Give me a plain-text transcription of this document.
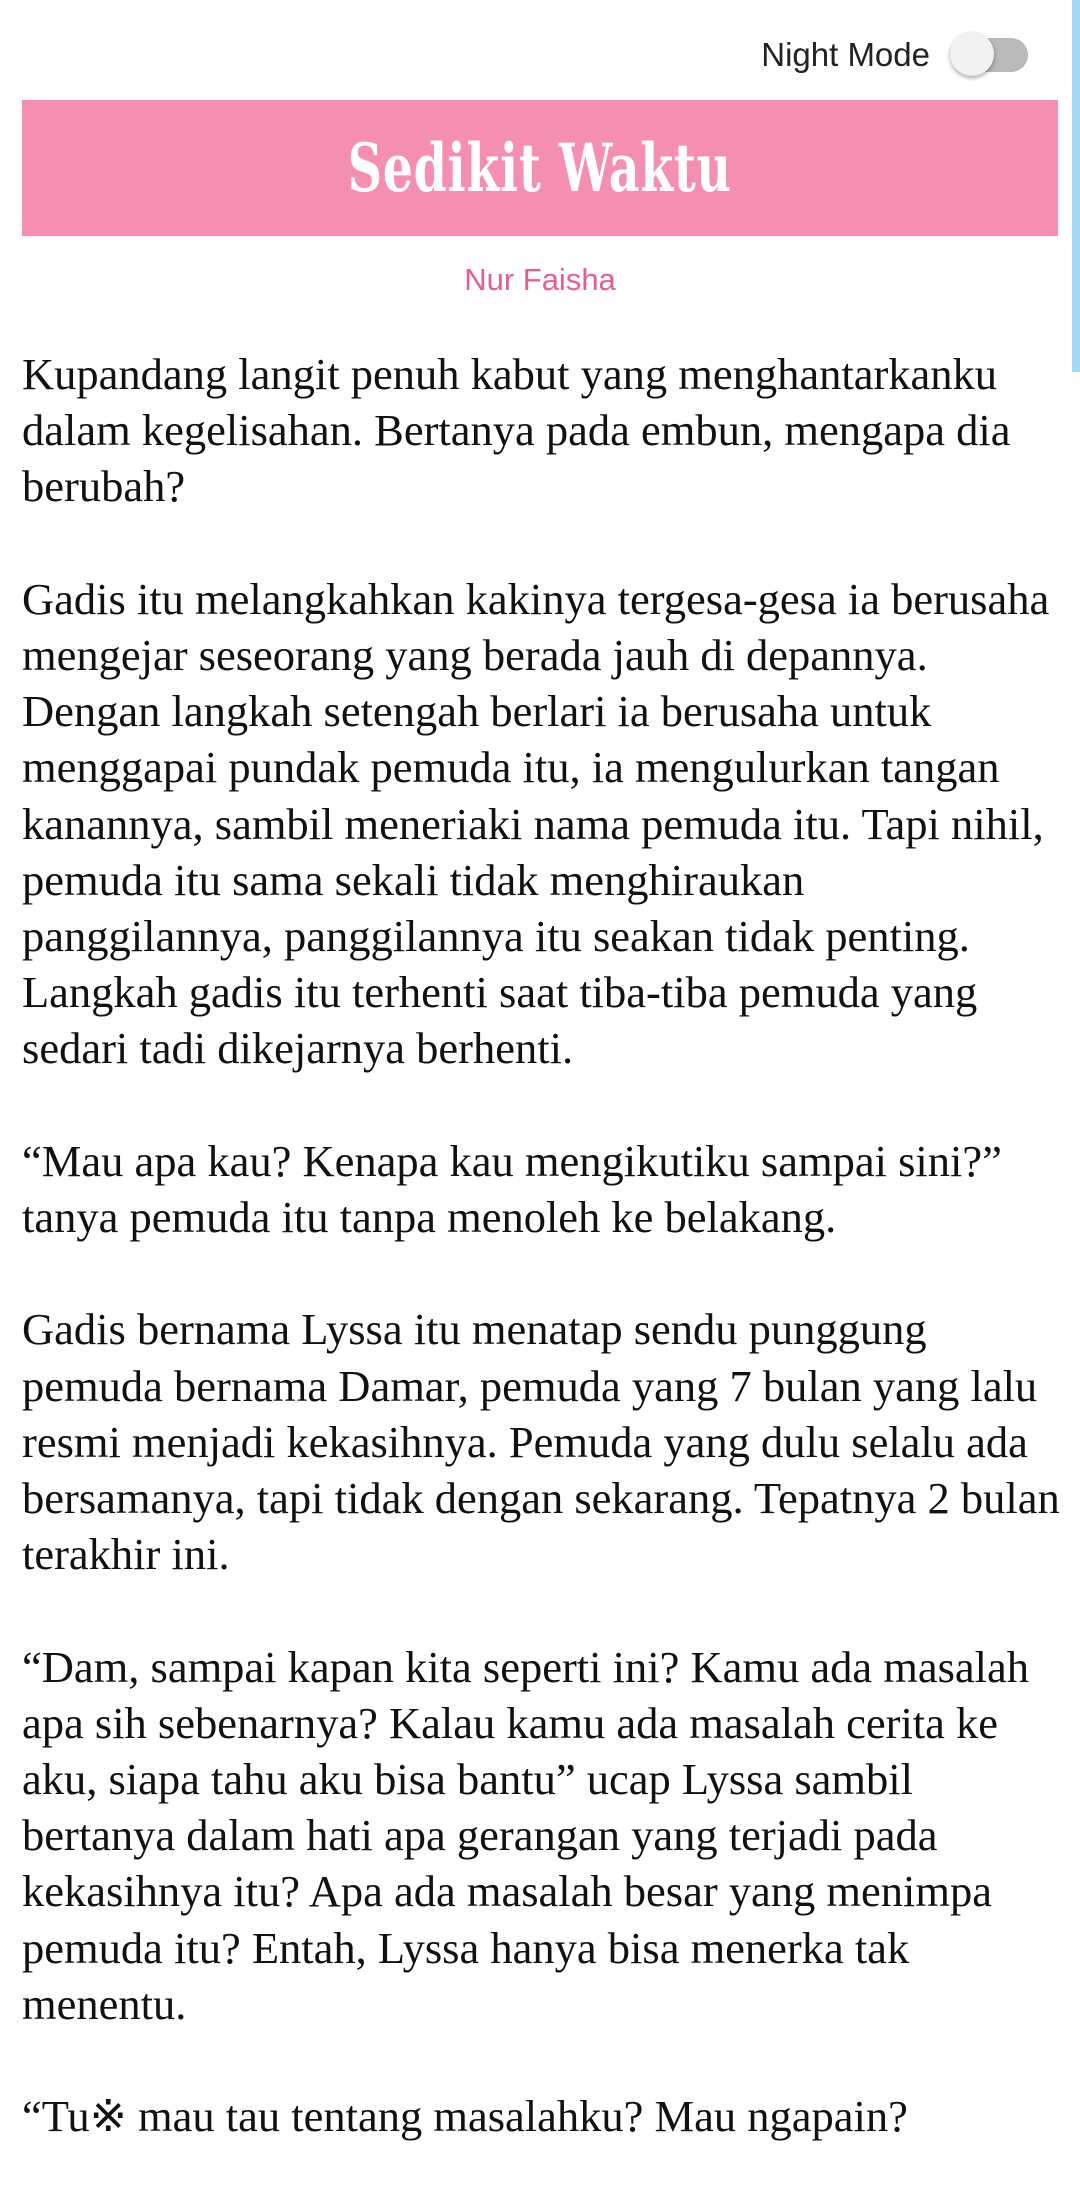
Night Mode
Sedikit Waktu
Nur Faisha

Kupandang langit penuh kabut yang menghantarkanku dalam kegelisahan. Bertanya pada embun, mengapa dia berubah?

Gadis itu melangkahkan kakinya tergesa-gesa ia berusaha mengejar seseorang yang berada jauh di depannya. Dengan langkah setengah berlari ia berusaha untuk menggapai pundak pemuda itu, ia mengulurkan tangan kanannya, sambil meneriaki nama pemuda itu. Tapi nihil, pemuda itu sama sekali tidak menghiraukan panggilannya, panggilannya itu seakan tidak penting. Langkah gadis itu terhenti saat tiba-tiba pemuda yang sedari tadi dikejarnya berhenti.

“Mau apa kau? Kenapa kau mengikutiku sampai sini?” tanya pemuda itu tanpa menoleh ke belakang.

Gadis bernama Lyssa itu menatap sendu punggung pemuda bernama Damar, pemuda yang 7 bulan yang lalu resmi menjadi kekasihnya. Pemuda yang dulu selalu ada bersamanya, tapi tidak dengan sekarang. Tepatnya 2 bulan terakhir ini.

“Dam, sampai kapan kita seperti ini? Kamu ada masalah apa sih sebenarnya? Kalau kamu ada masalah cerita ke aku, siapa tahu aku bisa bantu” ucap Lyssa sambil bertanya dalam hati apa gerangan yang terjadi pada kekasihnya itu? Apa ada masalah besar yang menimpa pemuda itu? Entah, Lyssa hanya bisa menerka tak menentu.

“Tu※ mau tau tentang masalahku? Mau ngapain?
